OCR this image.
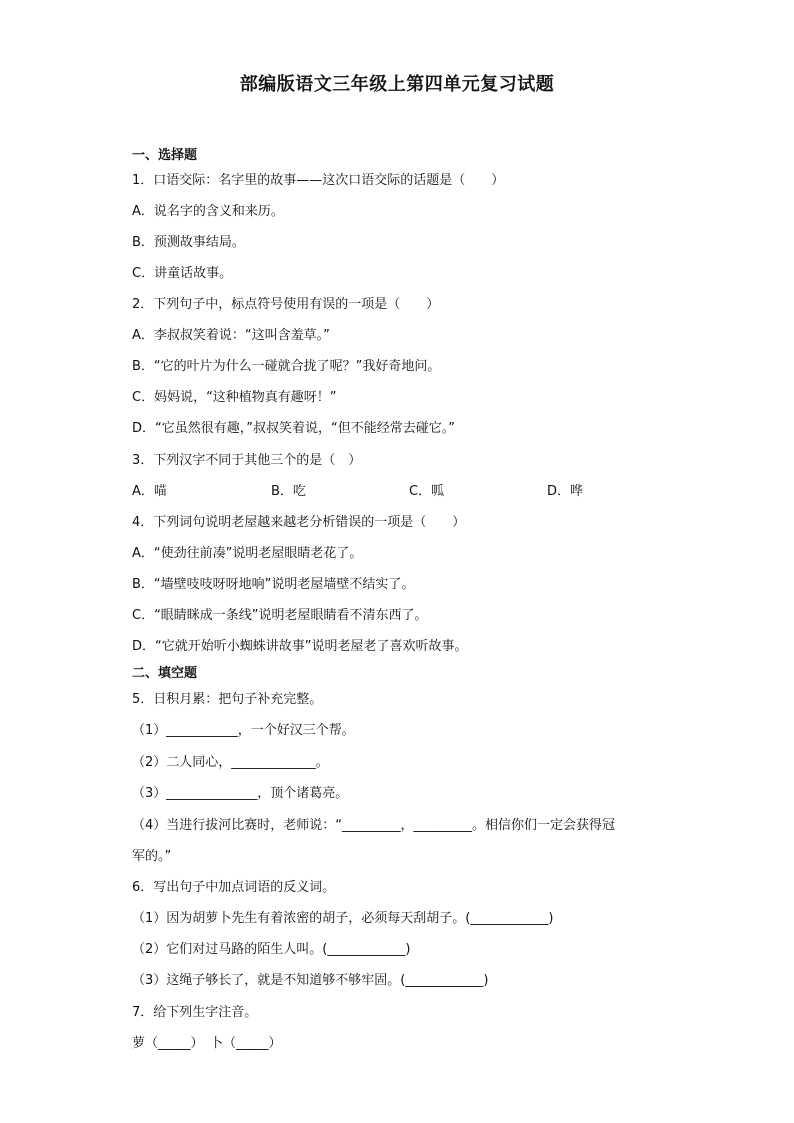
部编版语文三年级上第四单元复习试题
一、选择题
1．口语交际：名字里的故事——这次口语交际的话题是（　　）
A．说名字的含义和来历。
B．预测故事结局。
C．讲童话故事。
2．下列句子中，标点符号使用有误的一项是（　　）
A．李叔叔笑着说：“这叫含羞草。”
B．“它的叶片为什么一碰就合拢了呢？”我好奇地问。
C．妈妈说，“这种植物真有趣呀！”
D．“它虽然很有趣，”叔叔笑着说，“但不能经常去碰它。”
3．下列汉字不同于其他三个的是（　）
A．喵	B．吃	C．呱	D．哗
4．下列词句说明老屋越来越老分析错误的一项是（　　）
A．“使劲往前凑”说明老屋眼睛老花了。
B．“墙壁吱吱呀呀地响”说明老屋墙壁不结实了。
C．“眼睛眯成一条线”说明老屋眼睛看不清东西了。
D．“它就开始听小蜘蛛讲故事”说明老屋老了喜欢听故事。
二、填空题
5．日积月累：把句子补充完整。
（1）___________，一个好汉三个帮。
（2）二人同心，_____________。
（3）______________，顶个诸葛亮。
（4）当进行拔河比赛时，老师说：“_________，_________。相信你们一定会获得冠
军的。”
6．写出句子中加点词语的反义词。
（1）因为胡萝卜先生有着浓密的胡子，必须每天刮胡子。(____________)
（2）它们对过马路的陌生人叫。(____________)
（3）这绳子够长了，就是不知道够不够牢固。(____________)
7．给下列生字注音。
萝（_____）　卜（_____）
